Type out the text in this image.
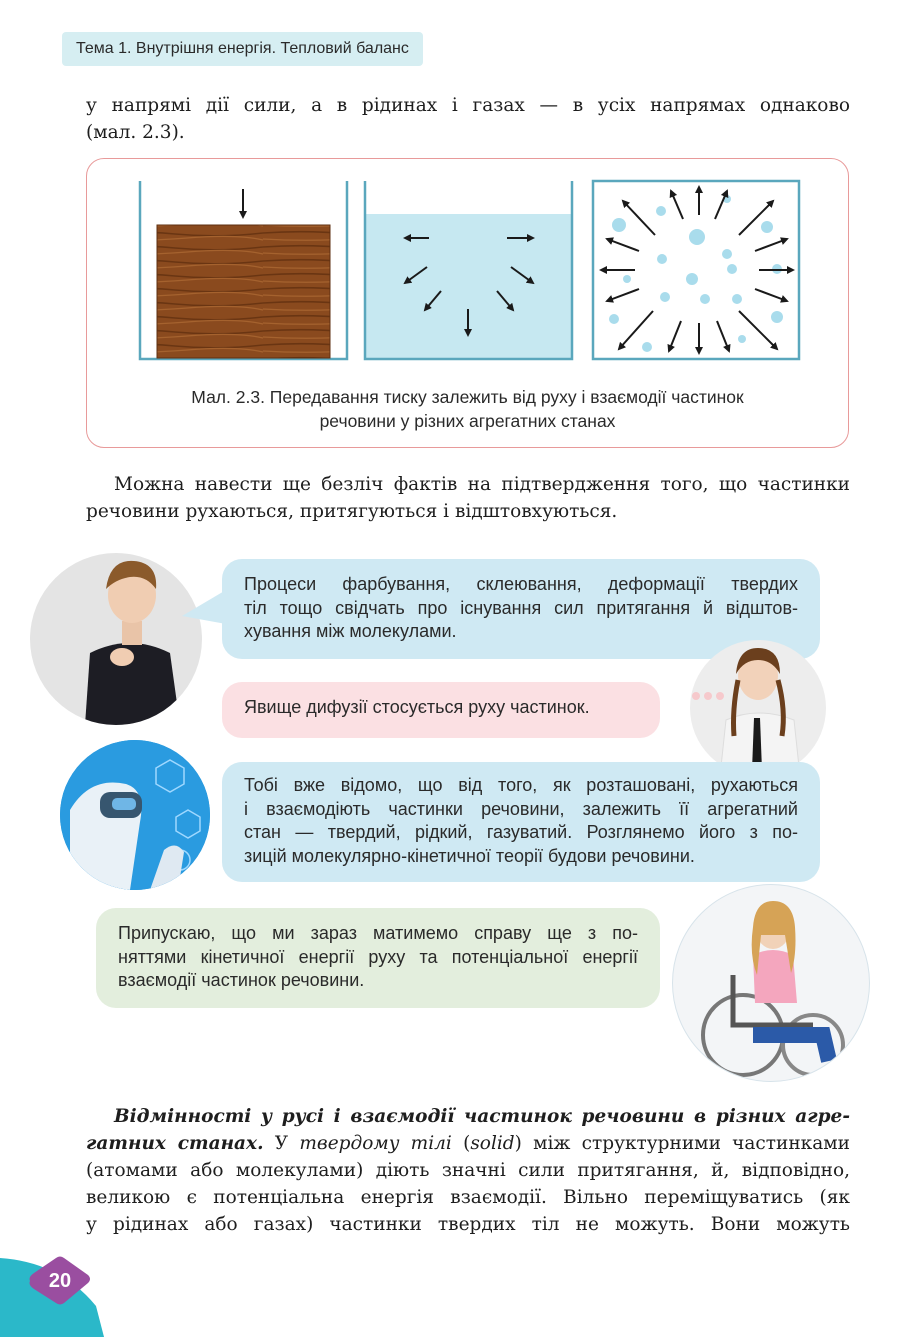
Тема 1. Внутрішня енергія. Тепловий баланс
у напрямі дії сили, а в рідинах і газах — в усіх напрямах однаково
(мал. 2.3).
Мал. 2.3. Передавання тиску залежить від руху і взаємодії частинок
речовини у різних агрегатних станах
Можна навести ще безліч фактів на підтвердження того, що частинки
речовини рухаються, притягуються і відштовхуються.
Процеси фарбування, склеювання, деформації твердих
тіл тощо свідчать про існування сил притягання й відштов-
хування між молекулами.
Явище дифузії стосується руху частинок.
Тобі вже відомо, що від того, як розташовані, рухаються
і взаємодіють частинки речовини, залежить її агрегатний
стан — твердий, рідкий, газуватий. Розглянемо його з по-
зицій молекулярно-кінетичної теорії будови речовини.
Припускаю, що ми зараз матимемо справу ще з по-
няттями кінетичної енергії руху та потенціальної енергії
взаємодії частинок речовини.
Відмінності у русі і взаємодії частинок речовини в різних агре-
гатних станах. У твердому тілі (solid) між структурними частинками
(атомами або молекулами) діють значні сили притягання, й, відповідно,
великою є потенціальна енергія взаємодії. Вільно переміщуватись (як
у рідинах або газах) частинки твердих тіл не можуть. Вони можуть
20
